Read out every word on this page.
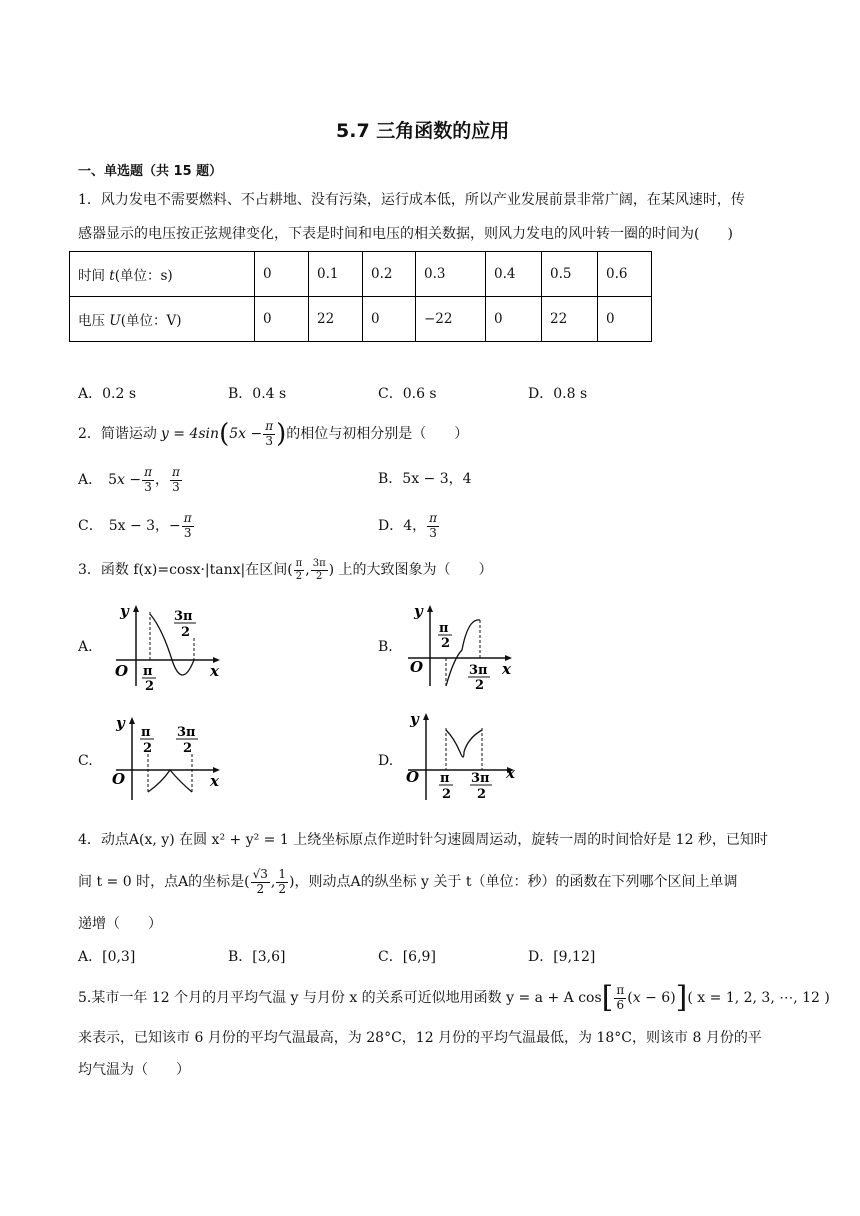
5.7 三角函数的应用
一、单选题（共 15 题）
1．风力发电不需要燃料、不占耕地、没有污染，运行成本低，所以产业发展前景非常广阔，在某风速时，传
感器显示的电压按正弦规律变化，下表是时间和电压的相关数据，则风力发电的风叶转一圈的时间为(　　)
时间 t(单位：s)	0	0.1	0.2	0.3	0.4	0.5	0.6
电压 U(单位：V)	0	22	0	−22	0	22	0
A．0.2 s	B．0.4 s	C．0.6 s	D．0.8 s
2．简谐运动 y = 4sin ( $5x - \frac{\pi}{3}$ ) 的相位与初相分别是（　　）
A． $5x - \frac{\pi}{3}$ ， $\frac{\pi}{3}$	B．5x − 3，4
C． 5x − 3，− $\frac{\pi}{3}$	D．4， $\frac{\pi}{3}$
3．函数 f(x)=cosx·|tanx|在区间( $\frac{\pi}{2}$ , $\frac{3\pi}{2}$ ) 上的大致图象为（　　）
A.	B.
C.	D.
y
x
O π
2
3π
2
y
x
O
π
2
3π
2
y
x
O
π
2
3π
2
y
x
O π
2
3π
2
4．动点A(x, y) 在圆 x² + y² = 1 上绕坐标原点作逆时针匀速圆周运动，旋转一周的时间恰好是 12 秒，已知时
间 t = 0 时，点A的坐标是( $\frac{√3}{2}$ , $\frac{1}{2}$ )，则动点A的纵坐标 y 关于 t（单位：秒）的函数在下列哪个区间上单调
递增（　　）
A．[0,3]	B．[3,6]	C．[6,9]	D．[9,12]
5.某市一年 12 个月的月平均气温 y 与月份 x 的关系可近似地用函数 y = a + A cos [ $\frac{\pi}{6} (x - 6)$ ] ( x = 1, 2, 3, ⋯, 12 )
来表示，已知该市 6 月份的平均气温最高，为 28°C，12 月份的平均气温最低，为 18°C，则该市 8 月份的平
均气温为（　　）
